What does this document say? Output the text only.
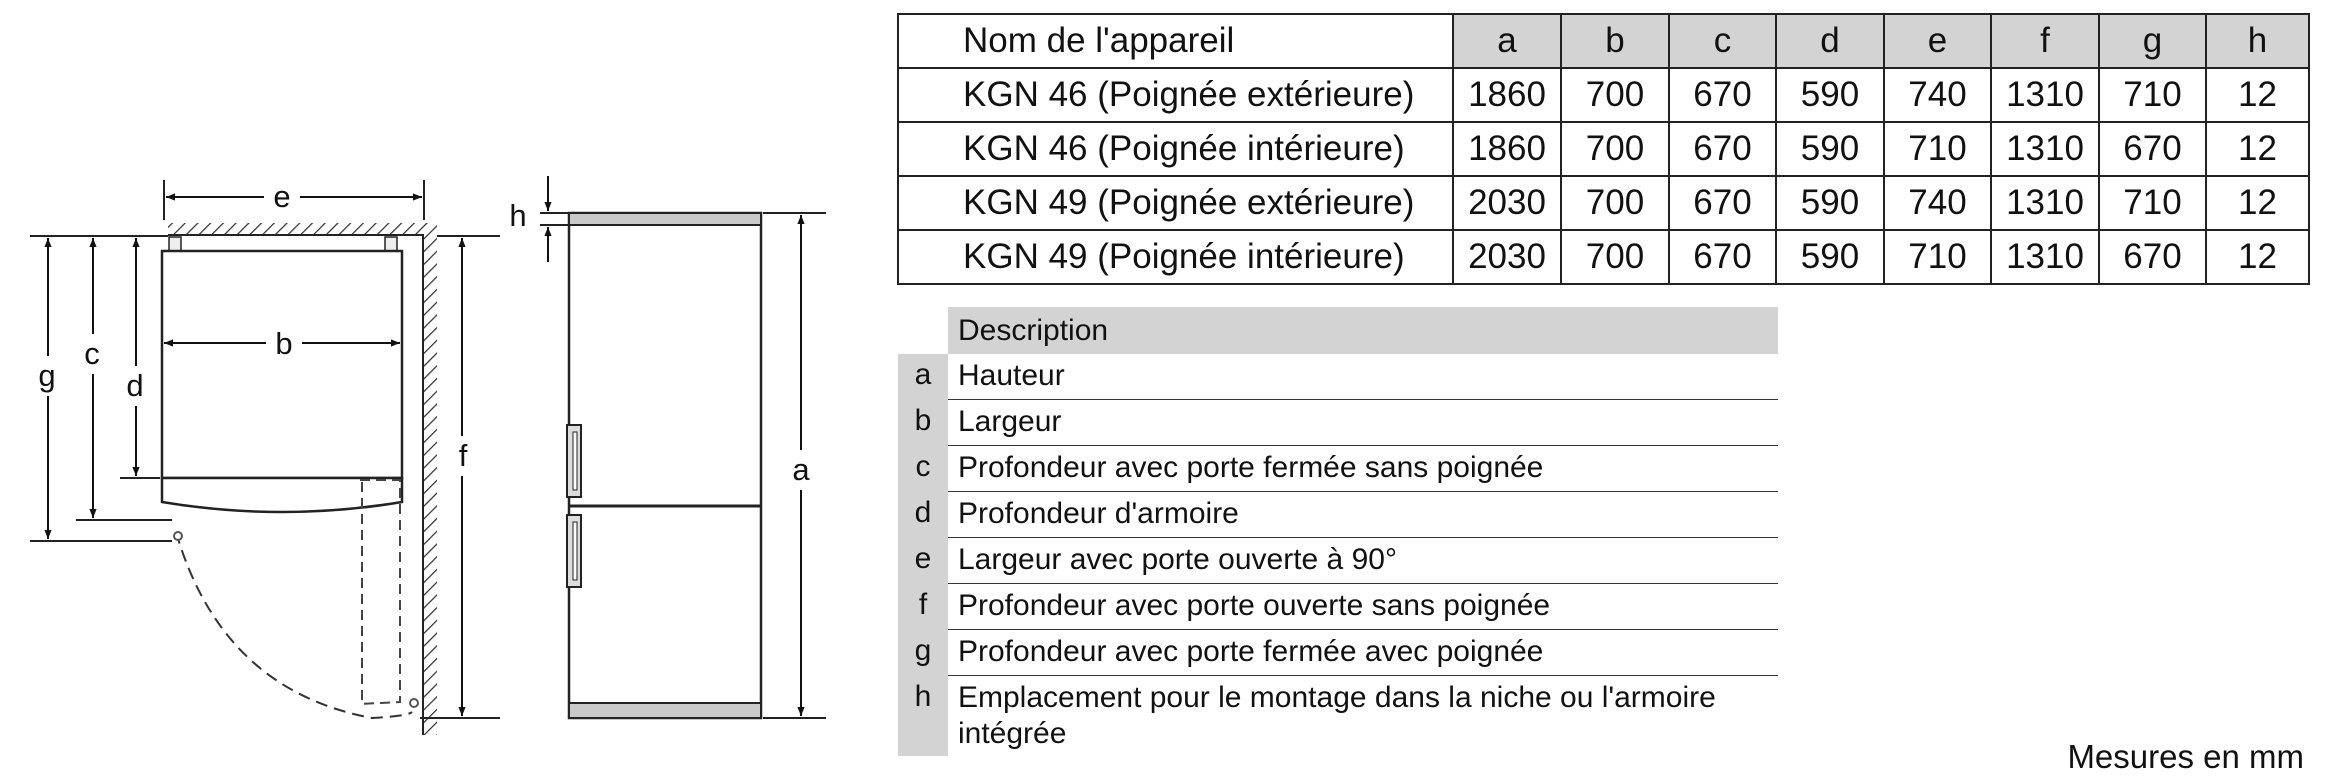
e
b
g
c
d
f	a
h
Nom de l'appareil	a	b	c	d	e	f	g	h
KGN 46 (Poignée extérieure)	1860	700	670	590	740	1310	710	12
KGN 46 (Poignée intérieure)	1860	700	670	590	710	1310	670	12
KGN 49 (Poignée extérieure)	2030	700	670	590	740	1310	710	12
KGN 49 (Poignée intérieure)	2030	700	670	590	710	1310	670	12
Description
a Hauteur
b Largeur
c Profondeur avec porte fermée sans poignée
d Profondeur d'armoire
e Largeur avec porte ouverte à 90°
f	Profondeur avec porte ouverte sans poignée
g Profondeur avec porte fermée avec poignée
h Emplacement pour le montage dans la niche ou l'armoire intégrée
Mesures en mm
